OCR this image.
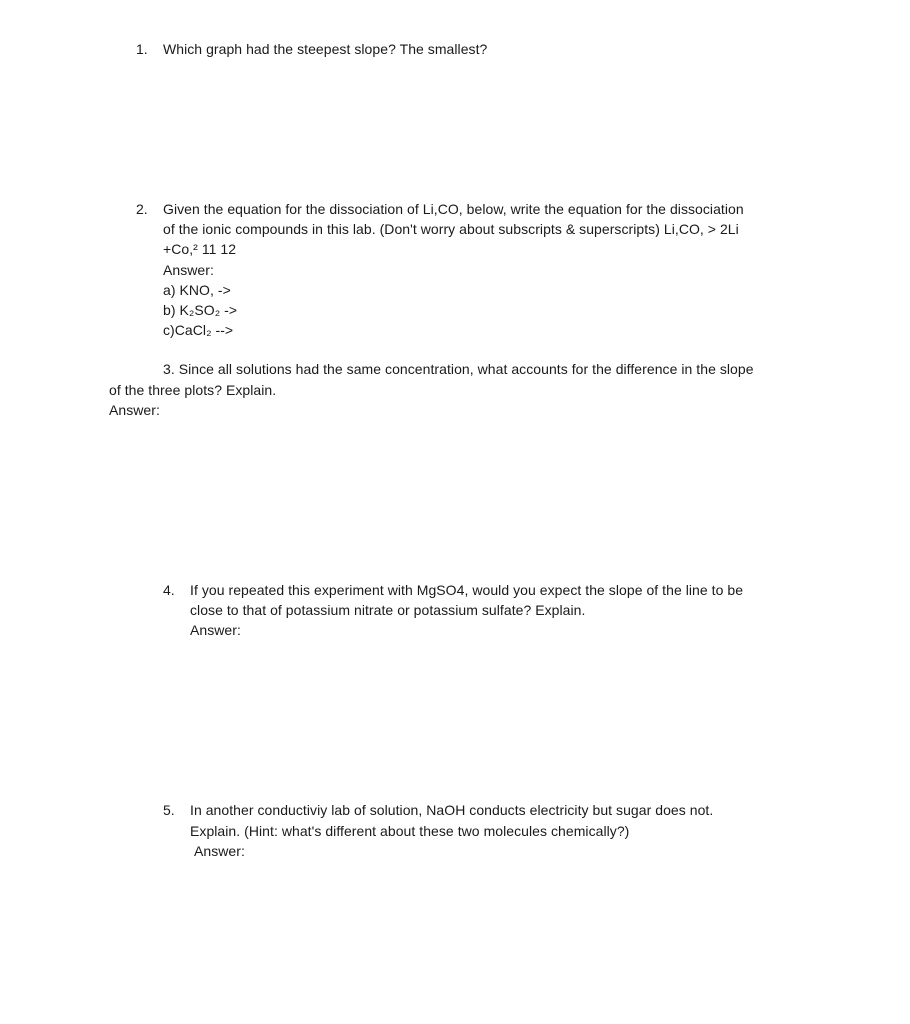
1. Which graph had the steepest slope? The smallest?
2. Given the equation for the dissociation of Li,CO, below, write the equation for the dissociation
of the ionic compounds in this lab. (Don't worry about subscripts & superscripts) Li,CO, > 2Li
+Co,² 11 12
Answer:
a) KNO, ->
b) K₂SO₂ ->
c)CaCl₂ -->
3. Since all solutions had the same concentration, what accounts for the difference in the slope
of the three plots? Explain.
Answer:
4. If you repeated this experiment with MgSO4, would you expect the slope of the line to be
close to that of potassium nitrate or potassium sulfate? Explain.
Answer:
5. In another conductiviy lab of solution, NaOH conducts electricity but sugar does not.
Explain. (Hint: what's different about these two molecules chemically?)
Answer:
